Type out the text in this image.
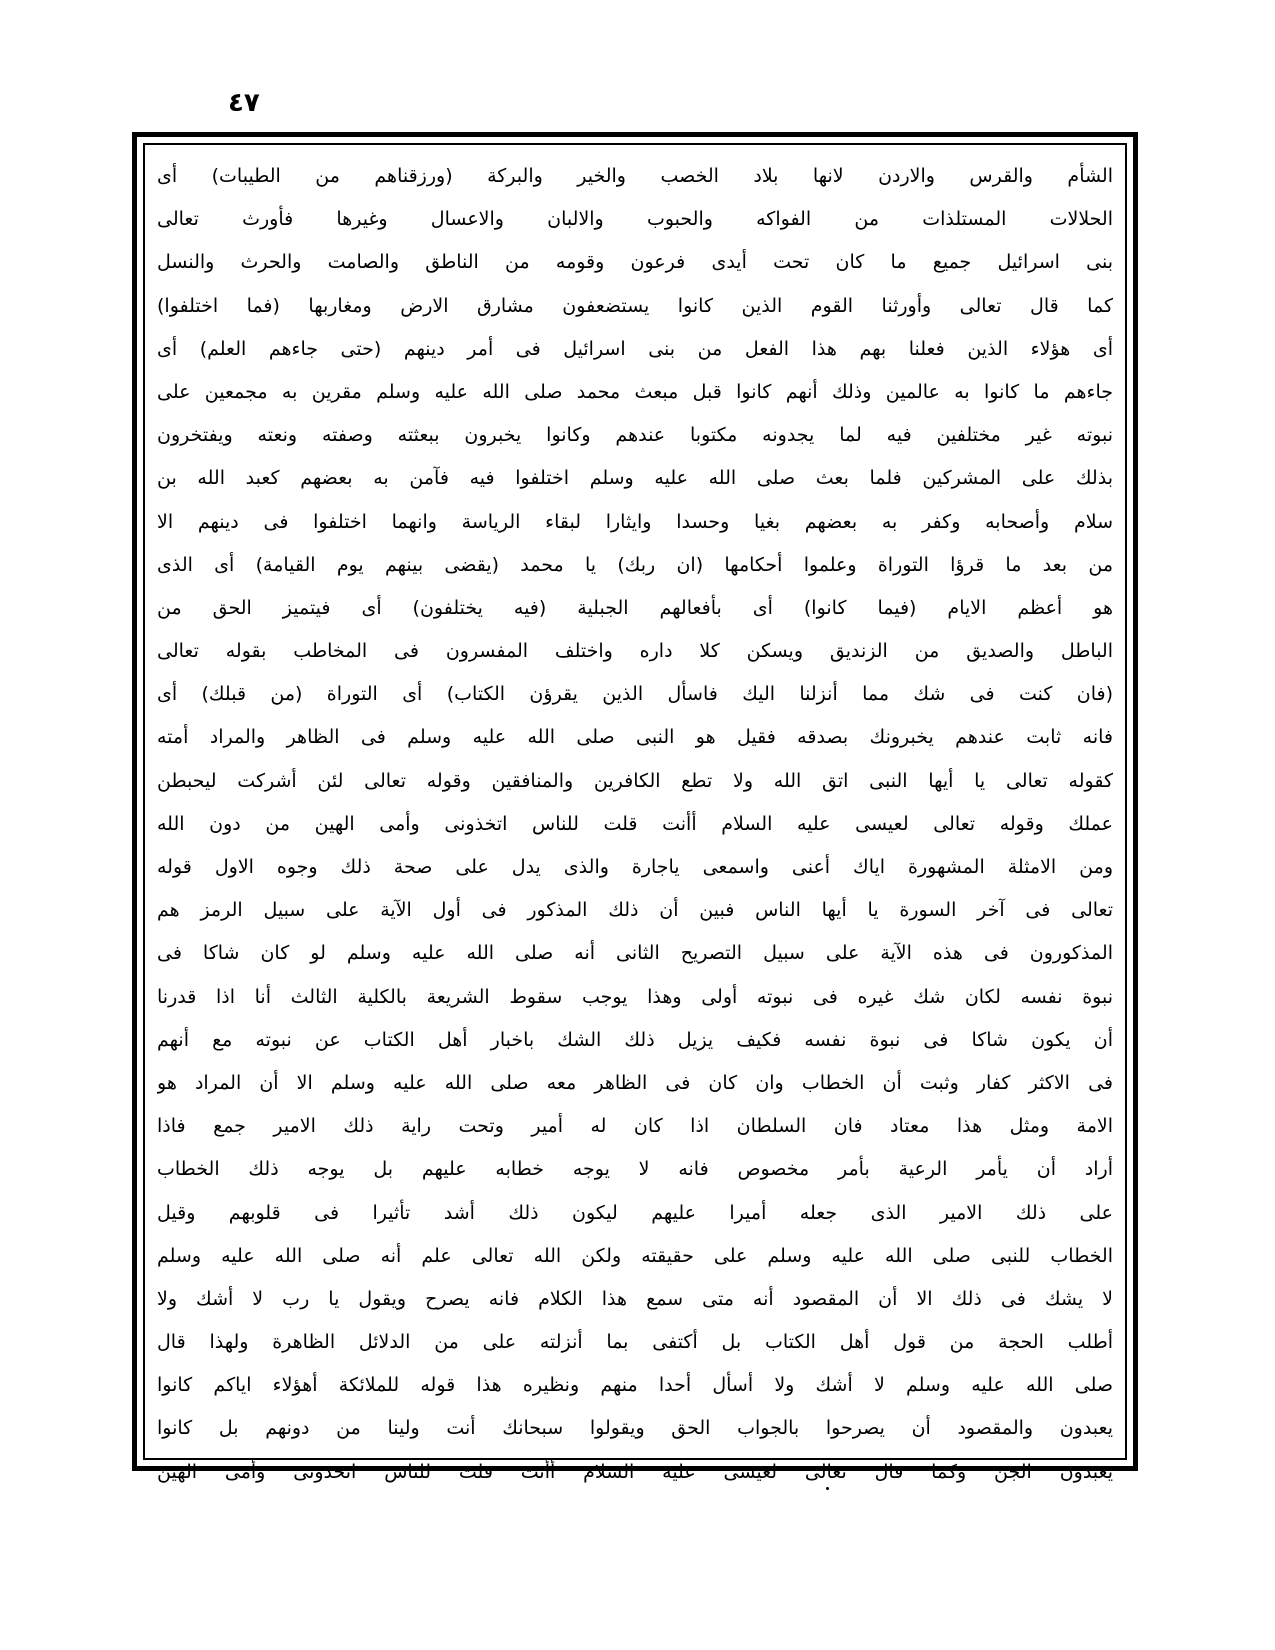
٤٧
الشأم والقرس والاردن لانها بلاد الخصب والخير والبركة (ورزقناهم من الطيبات) أى
الحلالات المستلذات من الفواكه والحبوب والالبان والاعسال وغيرها فأورث تعالى
بنى اسرائيل جميع ما كان تحت أيدى فرعون وقومه من الناطق والصامت والحرث والنسل
كما قال تعالى وأورثنا القوم الذين كانوا يستضعفون مشارق الارض ومغاربها (فما اختلفوا)
أى هؤلاء الذين فعلنا بهم هذا الفعل من بنى اسرائيل فى أمر دينهم (حتى جاءهم العلم) أى
جاءهم ما كانوا به عالمين وذلك أنهم كانوا قبل مبعث محمد صلى الله عليه وسلم مقرين به مجمعين على
نبوته غير مختلفين فيه لما يجدونه مكتوبا عندهم وكانوا يخبرون ببعثته وصفته ونعته ويفتخرون
بذلك على المشركين فلما بعث صلى الله عليه وسلم اختلفوا فيه فآمن به بعضهم كعبد الله بن
سلام وأصحابه وكفر به بعضهم بغيا وحسدا وايثارا لبقاء الرياسة وانهما اختلفوا فى دينهم الا
من بعد ما قرؤا التوراة وعلموا أحكامها (ان ربك) يا محمد (يقضى بينهم يوم القيامة) أى الذى
هو أعظم الايام (فيما كانوا) أى بأفعالهم الجبلية (فيه يختلفون) أى فيتميز الحق من
الباطل والصديق من الزنديق ويسكن كلا داره واختلف المفسرون فى المخاطب بقوله تعالى
(فان كنت فى شك مما أنزلنا اليك فاسأل الذين يقرؤن الكتاب) أى التوراة (من قبلك) أى
فانه ثابت عندهم يخبرونك بصدقه فقيل هو النبى صلى الله عليه وسلم فى الظاهر والمراد أمته
كقوله تعالى يا أيها النبى اتق الله ولا تطع الكافرين والمنافقين وقوله تعالى لئن أشركت ليحبطن
عملك وقوله تعالى لعيسى عليه السلام أأنت قلت للناس اتخذونى وأمى الهين من دون الله
ومن الامثلة المشهورة اياك أعنى واسمعى ياجارة والذى يدل على صحة ذلك وجوه الاول قوله
تعالى فى آخر السورة يا أيها الناس فبين أن ذلك المذكور فى أول الآية على سبيل الرمز هم
المذكورون فى هذه الآية على سبيل التصريح الثانى أنه صلى الله عليه وسلم لو كان شاكا فى
نبوة نفسه لكان شك غيره فى نبوته أولى وهذا يوجب سقوط الشريعة بالكلية الثالث أنا اذا قدرنا
أن يكون شاكا فى نبوة نفسه فكيف يزيل ذلك الشك باخبار أهل الكتاب عن نبوته مع أنهم
فى الاكثر كفار وثبت أن الخطاب وان كان فى الظاهر معه صلى الله عليه وسلم الا أن المراد هو
الامة ومثل هذا معتاد فان السلطان اذا كان له أمير وتحت راية ذلك الامير جمع فاذا
أراد أن يأمر الرعية بأمر مخصوص فانه لا يوجه خطابه عليهم بل يوجه ذلك الخطاب
على ذلك الامير الذى جعله أميرا عليهم ليكون ذلك أشد تأثيرا فى قلوبهم وقيل
الخطاب للنبى صلى الله عليه وسلم على حقيقته ولكن الله تعالى علم أنه صلى الله عليه وسلم
لا يشك فى ذلك الا أن المقصود أنه متى سمع هذا الكلام فانه يصرح ويقول يا رب لا أشك ولا
أطلب الحجة من قول أهل الكتاب بل أكتفى بما أنزلته على من الدلائل الظاهرة ولهذا قال
صلى الله عليه وسلم لا أشك ولا أسأل أحدا منهم ونظيره هذا قوله للملائكة أهؤلاء اياكم كانوا
يعبدون والمقصود أن يصرحوا بالجواب الحق ويقولوا سبحانك أنت ولينا من دونهم بل كانوا
يعبدون الجن وكما قال تعالى لعيسى عليه السلام أأنت قلت للناس اتخذونى وأمى الهين
